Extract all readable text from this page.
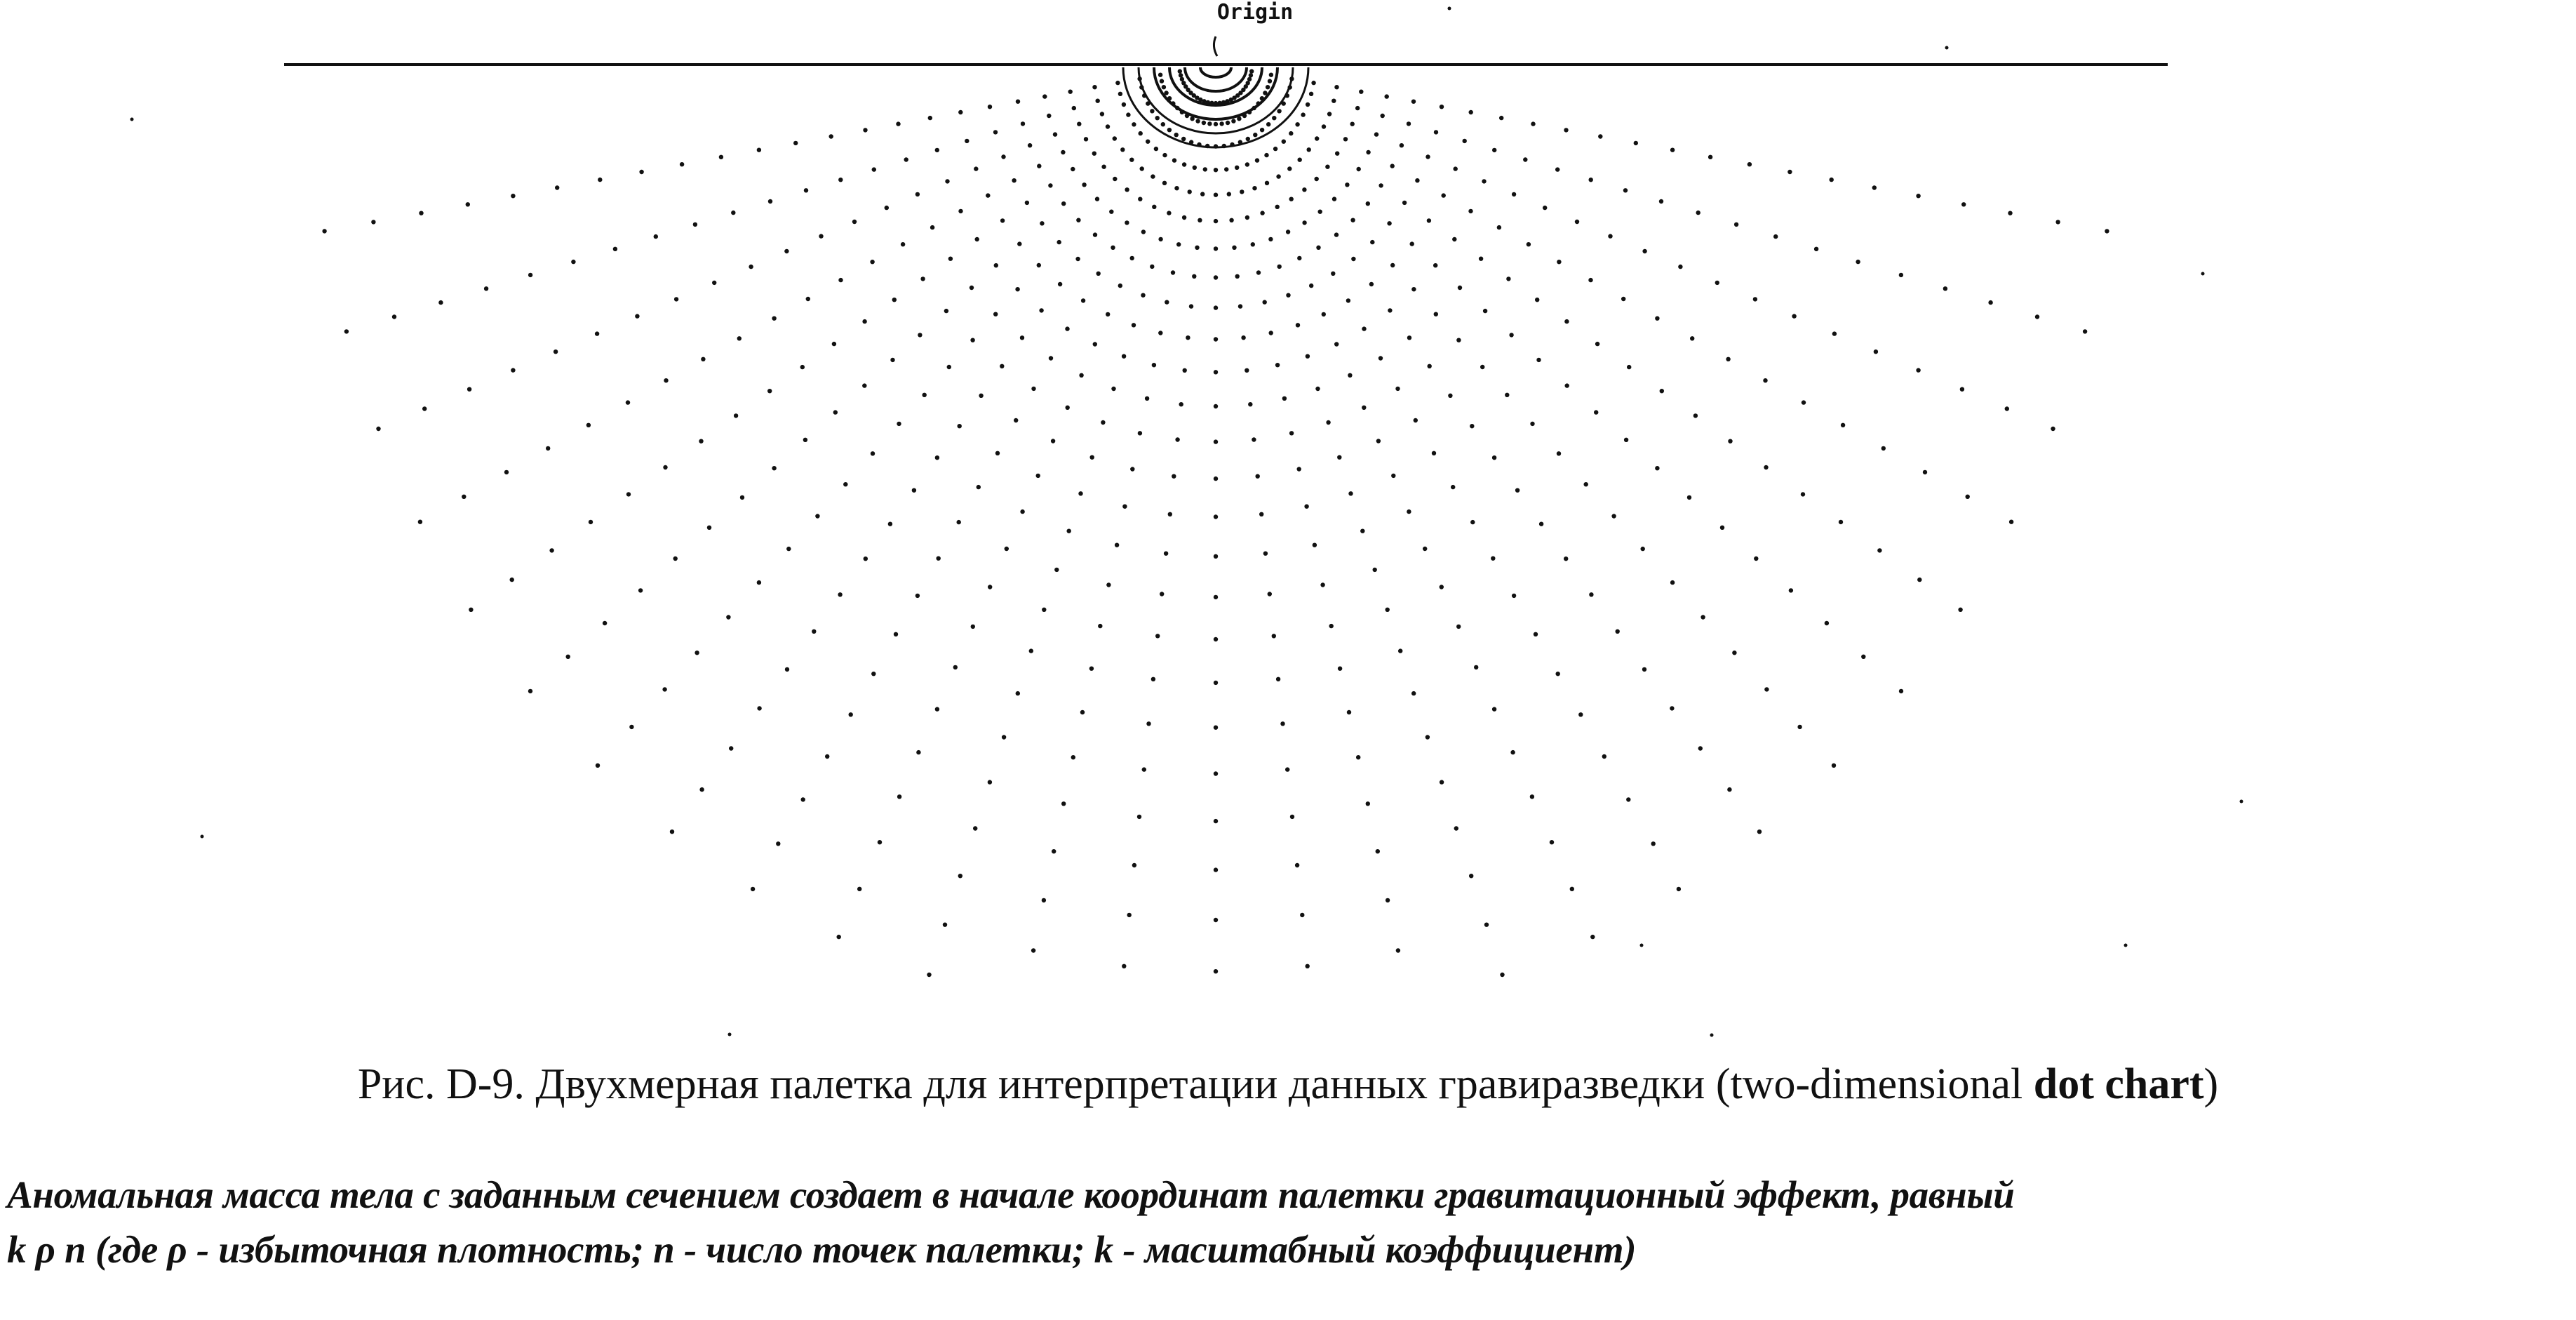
Origin
Рис. D-9. Двухмерная палетка для интерпретации данных гравиразведки (two-dimensional dot chart)
Аномальная масса тела с заданным сечением создает в начале координат палетки гравитационный эффект, равный
k ρ n (где ρ - избыточная плотность; n - число точек палетки; k - масштабный коэффициент)
